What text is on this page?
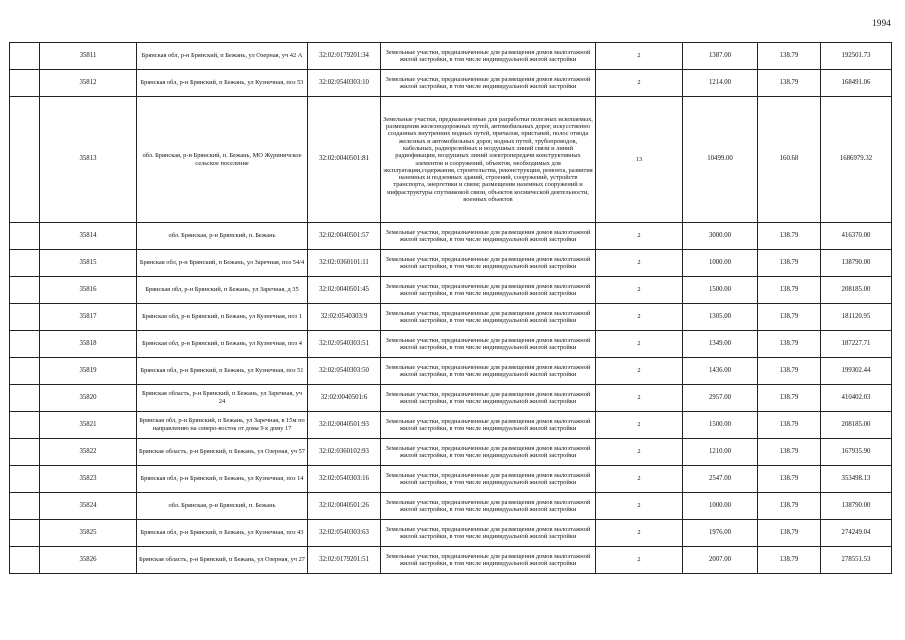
1994
	35811	Брянская обл, р-н Брянский, п Бежань, ул Озерная, уч 42 А	32:02:0179201:34	Земельные участки, предназначенные для размещения домов малоэтажной жилой застройки, в том числе индивидуальной жилой застройки	2	1387.00	138.79	192501.73
	35812	Брянская обл, р-н Брянский, п Бежань, ул Кузнечная, поз 53	32:02:0540303:10	Земельные участки, предназначенные для размещения домов малоэтажной жилой застройки, в том числе индивидуальной жилой застройки	2	1214.00	138.79	168491.06
	35813	обл. Брянская, р-н Брянский, п. Бежань, МО Журиничское сельское поселение	32:02:0040501:81	Земельные участки, предназначенные для разработки полезных ископаемых, размещения железнодорожных путей, автомобильных дорог, искусственно созданных внутренних водных путей, причалов, пристаней, полос отвода железных и автомобильных дорог, водных путей, трубопроводов, кабельных, радиорелейных и воздушных линий связи и линий радиофикации, воздушных линий электропередачи конструктивных элементов и сооружений, объектов, необходимых для эксплуатации,содержания, строительства, реконструкции, ремонта, развития наземных и подземных зданий, строений, сооружений, устройств транспорта, энергетики и связи; размещения наземных сооружений и инфраструктуры спутниковой связи, объектов космической деятельности, военных объектов	13	10499.00	160.68	1686979.32
	35814	обл. Брянская, р-н Брянский, п. Бежань	32:02:0040501:57	Земельные участки, предназначенные для размещения домов малоэтажной жилой застройки, в том числе индивидуальной жилой застройки	2	3000.00	138.79	416370.00
	35815	Брянская обл, р-н Брянский, п Бежань, ул Заречная, поз 54/4	32:02:0360101:11	Земельные участки, предназначенные для размещения домов малоэтажной жилой застройки, в том числе индивидуальной жилой застройки	2	1000.00	138.79	138790.00
	35816	Брянская обл, р-н Брянский, п Бежань, ул Заречная, д 35	32:02:0040501:45	Земельные участки, предназначенные для размещения домов малоэтажной жилой застройки, в том числе индивидуальной жилой застройки	2	1500.00	138.79	208185.00
	35817	Брянская обл, р-н Брянский, п Бежань, ул Кузнечная, поз 1	32:02:0540303:9	Земельные участки, предназначенные для размещения домов малоэтажной жилой застройки, в том числе индивидуальной жилой застройки	2	1305.00	138.79	181120.95
	35818	Брянская обл, р-н Брянский, п Бежань, ул Кузнечная, поз 4	32:02:0540303:51	Земельные участки, предназначенные для размещения домов малоэтажной жилой застройки, в том числе индивидуальной жилой застройки	2	1349.00	138.79	187227.71
	35819	Брянская обл, р-н Брянский, п Бежань, ул Кузнечная, поз 51	32:02:0540303:50	Земельные участки, предназначенные для размещения домов малоэтажной жилой застройки, в том числе индивидуальной жилой застройки	2	1436.00	138.79	199302.44
	35820	Брянская область, р-н Брянский, п Бежань, ул Заречная, уч 24	32:02:0040501:6	Земельные участки, предназначенные для размещения домов малоэтажной жилой застройки, в том числе индивидуальной жилой застройки	2	2957.00	138.79	410402.03
	35821	Брянская обл, р-н Брянский, п Бежань, ул Заречная, в 15м по направлению на северо-восток от дома 9 к дому 17	32:02:0040501:93	Земельные участки, предназначенные для размещения домов малоэтажной жилой застройки, в том числе индивидуальной жилой застройки	2	1500.00	138.79	208185.00
	35822	Брянская область, р-н Брянский, п Бежань, ул Озерная, уч 57	32:02:0360102:93	Земельные участки, предназначенные для размещения домов малоэтажной жилой застройки, в том числе индивидуальной жилой застройки	2	1210.00	138.79	167935.90
	35823	Брянская обл, р-н Брянский, п Бежань, ул Кузнечная, поз 14	32:02:0540303:16	Земельные участки, предназначенные для размещения домов малоэтажной жилой застройки, в том числе индивидуальной жилой застройки	2	2547.00	138.79	353498.13
	35824	обл. Брянская, р-н Брянский, п. Бежань	32:02:0040501:26	Земельные участки, предназначенные для размещения домов малоэтажной жилой застройки, в том числе индивидуальной жилой застройки	2	1000.00	138.79	138790.00
	35825	Брянская обл, р-н Брянский, п Бежань, ул Кузнечная, поз 43	32:02:0540303:63	Земельные участки, предназначенные для размещения домов малоэтажной жилой застройки, в том числе индивидуальной жилой застройки	2	1976.00	138.79	274249.04
	35826	Брянская область, р-н Брянский, п Бежань, ул Озерная, уч 27	32:02:0179201:51	Земельные участки, предназначенные для размещения домов малоэтажной жилой застройки, в том числе индивидуальной жилой застройки	2	2007.00	138.79	278551.53
